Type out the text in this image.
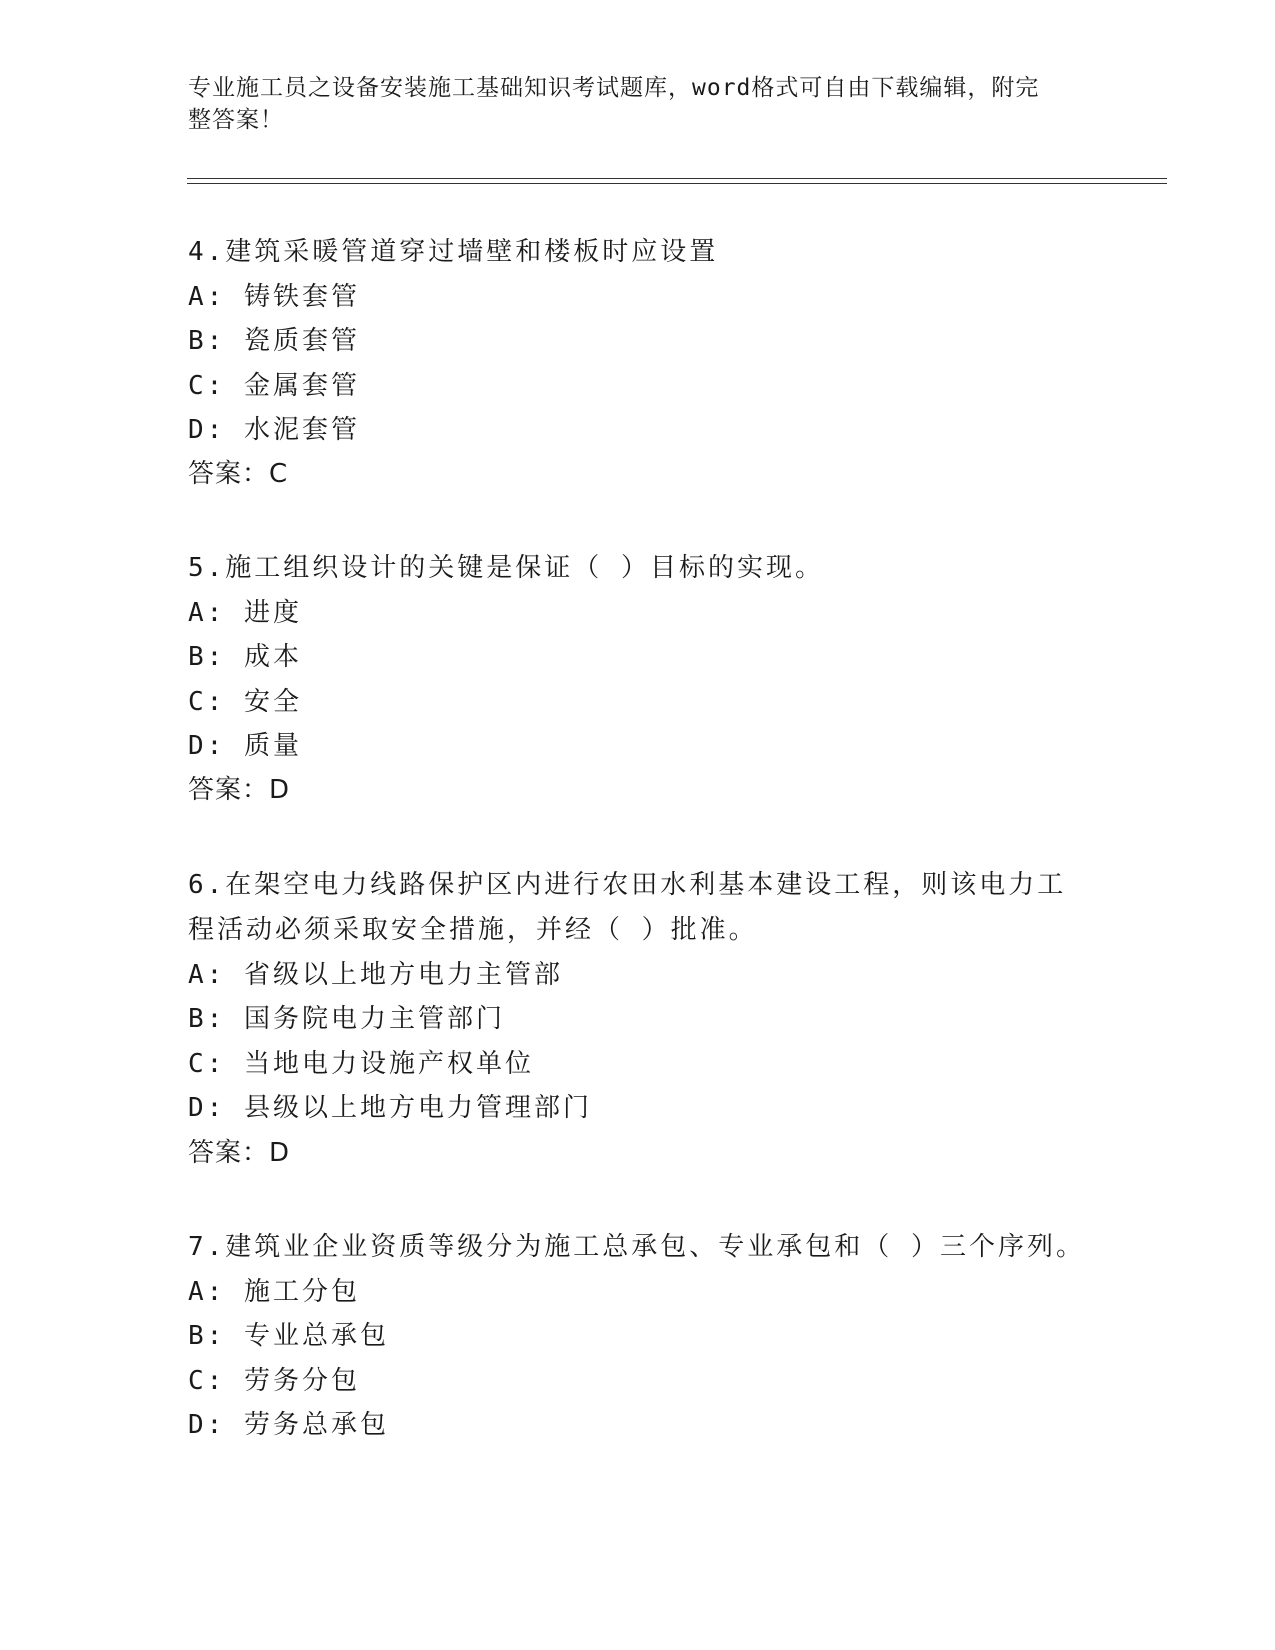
专业施工员之设备安装施工基础知识考试题库，word格式可自由下载编辑，附完
整答案！
4.建筑采暖管道穿过墙壁和楼板时应设置
A: 铸铁套管
B: 瓷质套管
C: 金属套管
D: 水泥套管
答案：C
5.施工组织设计的关键是保证（ ）目标的实现。
A: 进度
B: 成本
C: 安全
D: 质量
答案：D
6.在架空电力线路保护区内进行农田水利基本建设工程，则该电力工
程活动必须采取安全措施，并经（ ）批准。
A: 省级以上地方电力主管部
B: 国务院电力主管部门
C: 当地电力设施产权单位
D: 县级以上地方电力管理部门
答案：D
7.建筑业企业资质等级分为施工总承包、专业承包和（ ）三个序列。
A: 施工分包
B: 专业总承包
C: 劳务分包
D: 劳务总承包
